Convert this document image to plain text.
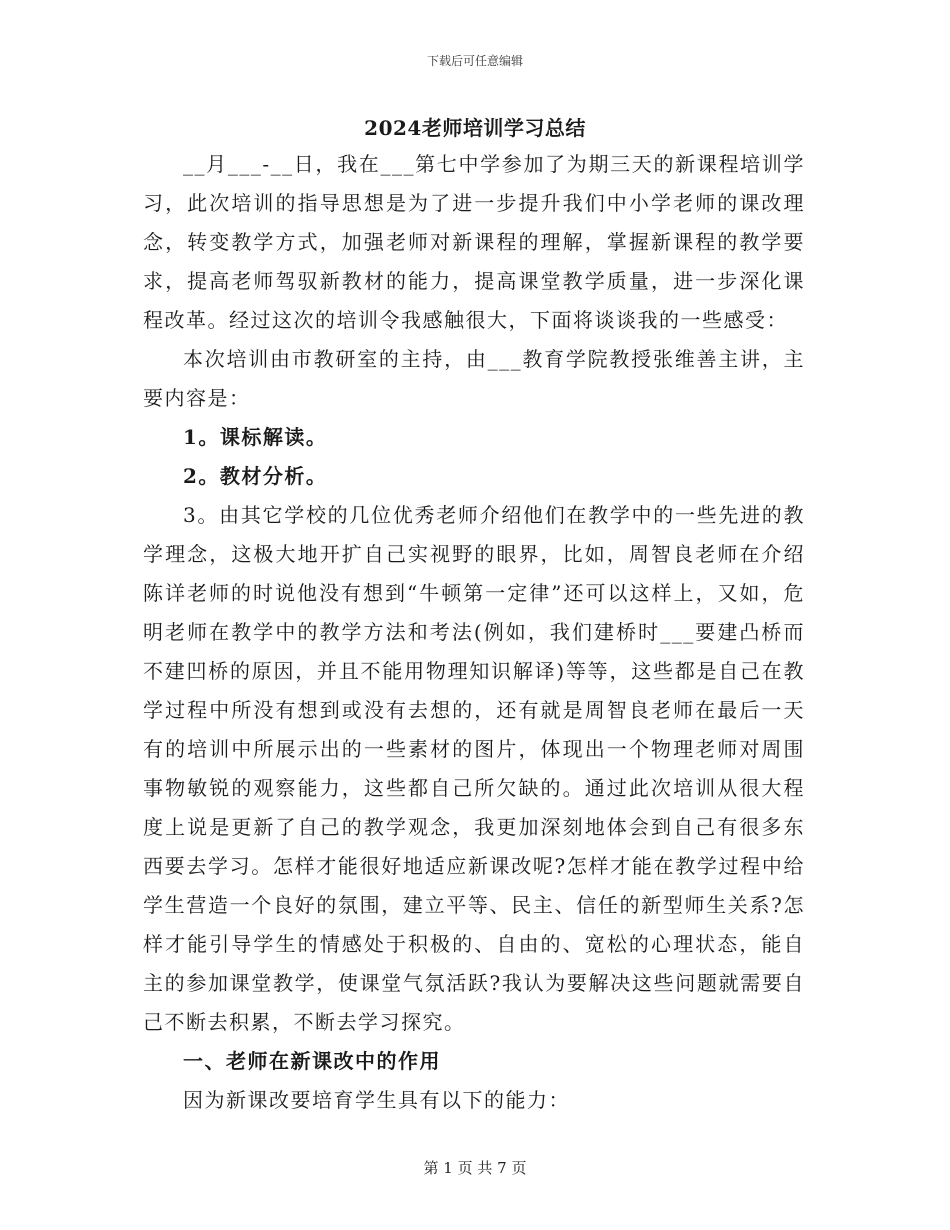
下载后可任意编辑
2024老师培训学习总结

__月___-__日，我在___第七中学参加了为期三天的新课程培训学习，此次培训的指导思想是为了进一步提升我们中小学老师的课改理念，转变教学方式，加强老师对新课程的理解，掌握新课程的教学要求，提高老师驾驭新教材的能力，提高课堂教学质量，进一步深化课程改革。经过这次的培训令我感触很大，下面将谈谈我的一些感受：

本次培训由市教研室的主持，由___教育学院教授张维善主讲，主要内容是：

1。课标解读。

2。教材分析。

3。由其它学校的几位优秀老师介绍他们在教学中的一些先进的教学理念，这极大地开扩自己实视野的眼界，比如，周智良老师在介绍陈详老师的时说他没有想到“牛顿第一定律”还可以这样上，又如，危明老师在教学中的教学方法和考法(例如，我们建桥时___要建凸桥而不建凹桥的原因，并且不能用物理知识解译)等等，这些都是自己在教学过程中所没有想到或没有去想的，还有就是周智良老师在最后一天有的培训中所展示出的一些素材的图片，体现出一个物理老师对周围事物敏锐的观察能力，这些都自己所欠缺的。通过此次培训从很大程度上说是更新了自己的教学观念，我更加深刻地体会到自己有很多东西要去学习。怎样才能很好地适应新课改呢?怎样才能在教学过程中给学生营造一个良好的氛围，建立平等、民主、信任的新型师生关系?怎样才能引导学生的情感处于积极的、自由的、宽松的心理状态，能自主的参加课堂教学，使课堂气氛活跃?我认为要解决这些问题就需要自己不断去积累，不断去学习探究。

一、老师在新课改中的作用

因为新课改要培育学生具有以下的能力：

第 1 页 共 7 页
